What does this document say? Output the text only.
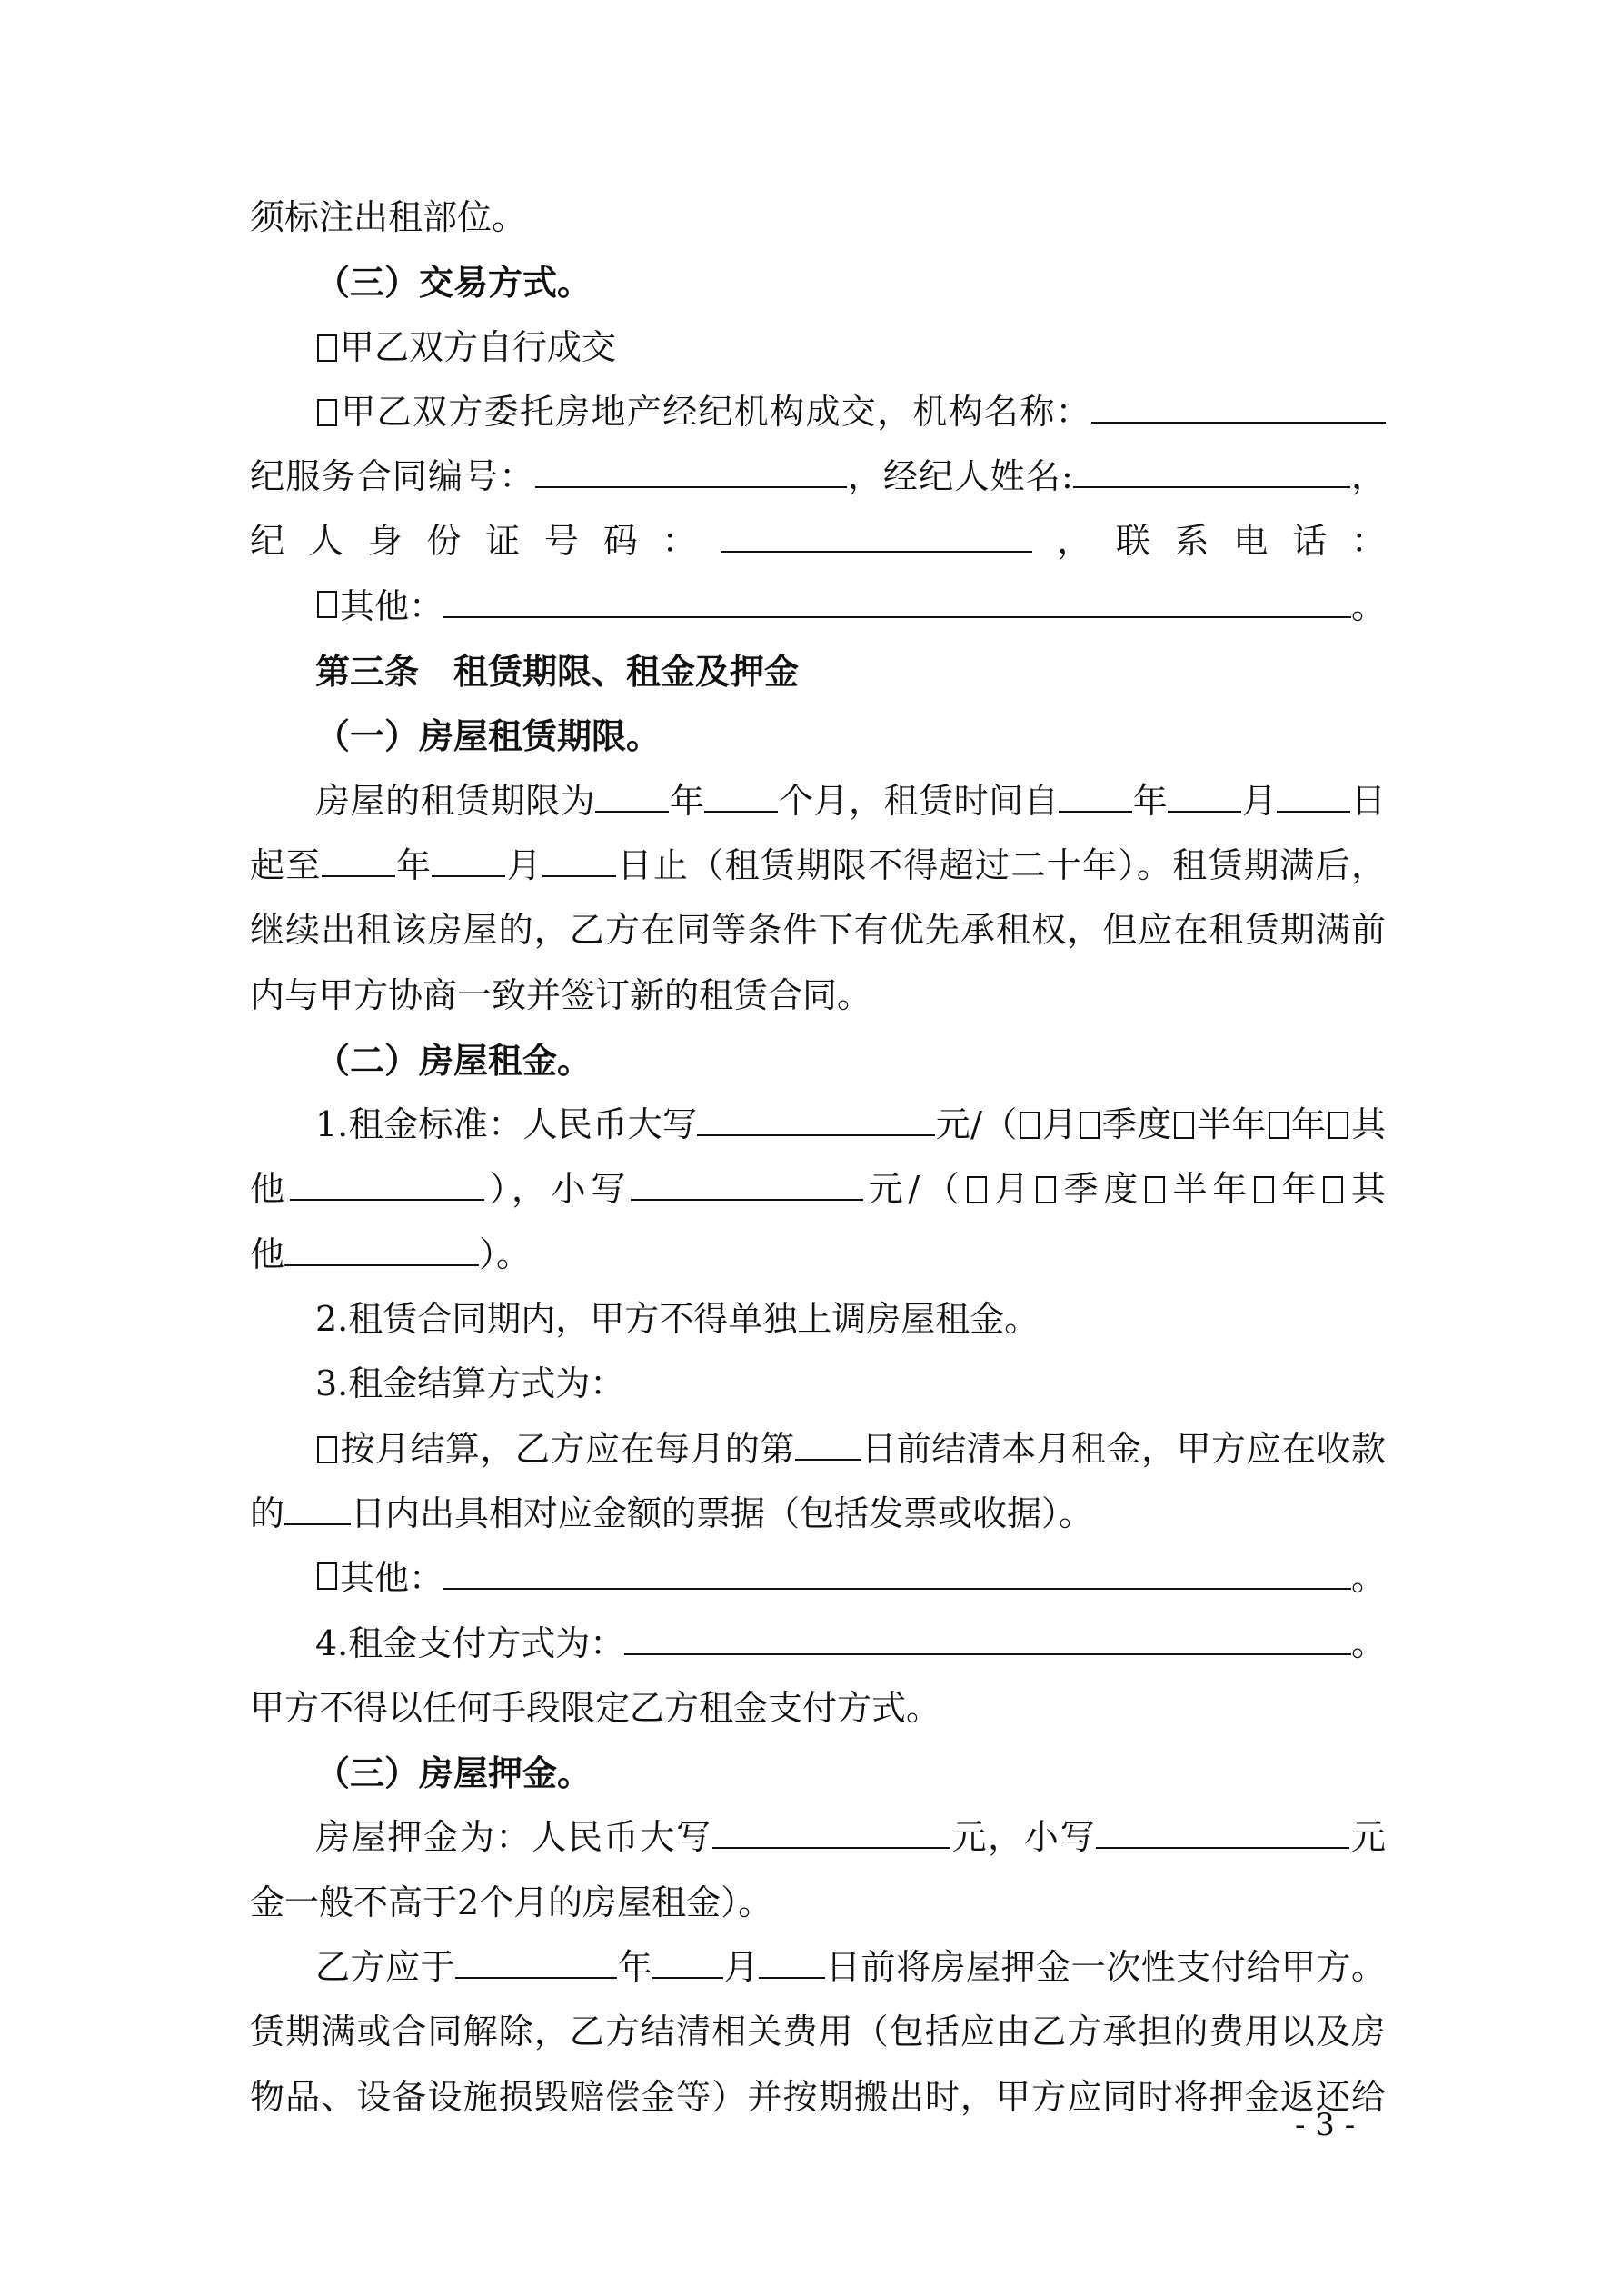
须标注出租部位。
（三）交易方式。
甲乙双方自行成交
甲乙双方委托房地产经纪机构成交，机构名称：
纪服务合同编号：	，经纪人姓名:	，
纪人身份证号码：	，联系电话：
其他：	。
第三条　租赁期限、租金及押金
（一）房屋租赁期限。
房屋的租赁期限为 年 个月，租赁时间自 年 月 日
起至 年 月 日止（租赁期限不得超过二十年）。租赁期满后，
继续出租该房屋的，乙方在同等条件下有优先承租权，但应在租赁期满前
内与甲方协商一致并签订新的租赁合同。
（二）房屋租金。
1.租金标准：人民币大写	元/（ 月 季度 半年 年 其
他	），小写	元/（ 月 季度 半年 年 其
他	）。
2.租赁合同期内，甲方不得单独上调房屋租金。
3.租金结算方式为：
按月结算，乙方应在每月的第 日前结清本月租金，甲方应在收款
的 日内出具相对应金额的票据（包括发票或收据）。
其他：	。
4.租金支付方式为：	。
甲方不得以任何手段限定乙方租金支付方式。
（三）房屋押金。
房屋押金为：人民币大写	元，小写	元
金一般不高于2个月的房屋租金）。
乙方应于	年 月 日前将房屋押金一次性支付给甲方。
赁期满或合同解除，乙方结清相关费用（包括应由乙方承担的费用以及房
物品、设备设施损毁赔偿金等）并按期搬出时，甲方应同时将押金返还给
- 3 -
